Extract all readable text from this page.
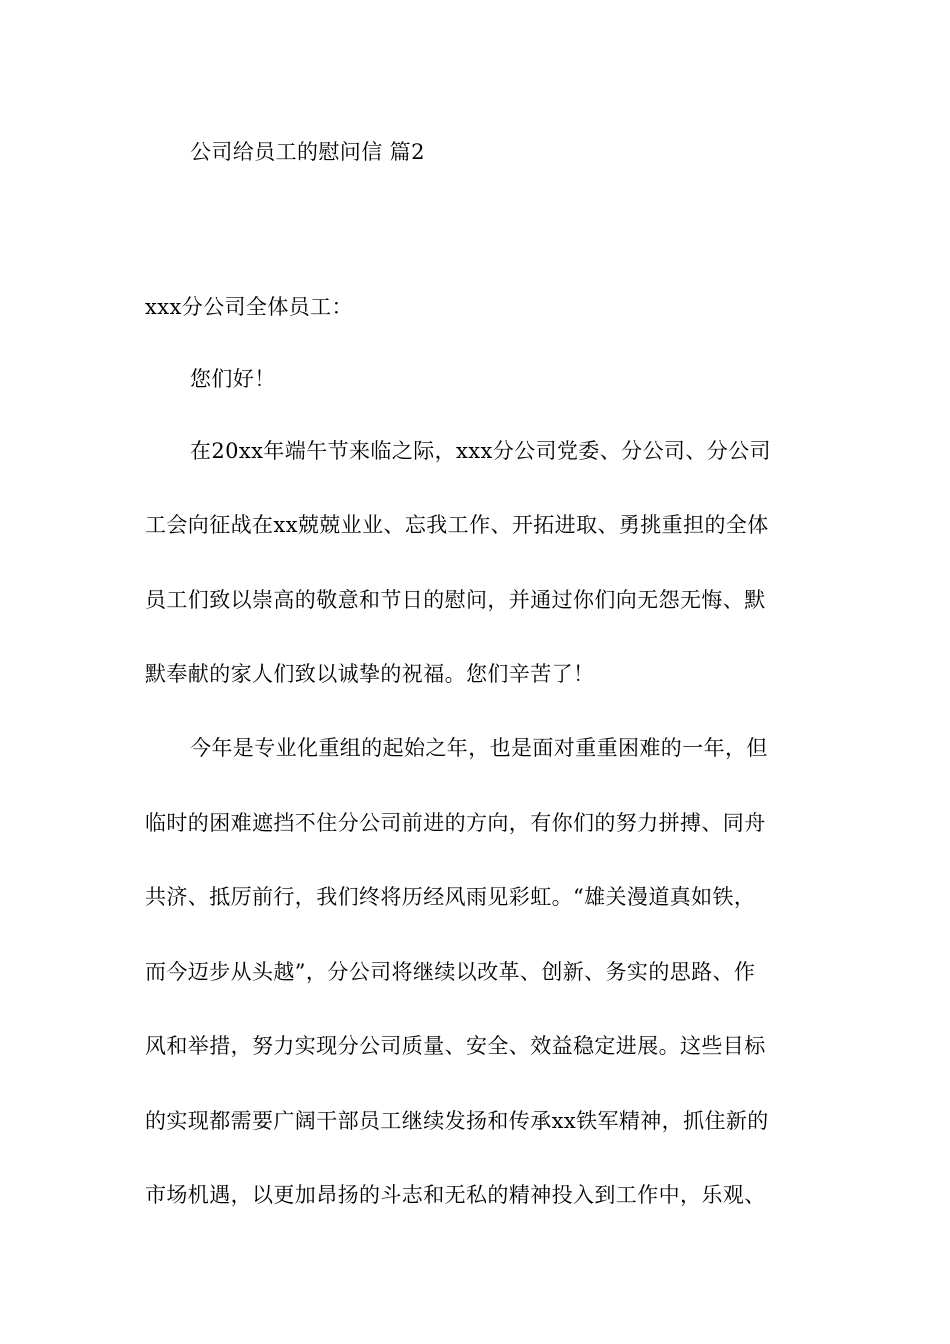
公司给员工的慰问信 篇2
xxx分公司全体员工：
您们好！
在20xx年端午节来临之际，xxx分公司党委、分公司、分公司
工会向征战在xx兢兢业业、忘我工作、开拓进取、勇挑重担的全体
员工们致以崇高的敬意和节日的慰问，并通过你们向无怨无悔、默
默奉献的家人们致以诚挚的祝福。您们辛苦了！
今年是专业化重组的起始之年，也是面对重重困难的一年，但
临时的困难遮挡不住分公司前进的方向，有你们的努力拼搏、同舟
共济、抵厉前行，我们终将历经风雨见彩虹。“雄关漫道真如铁，
而今迈步从头越”，分公司将继续以改革、创新、务实的思路、作
风和举措，努力实现分公司质量、安全、效益稳定进展。这些目标
的实现都需要广阔干部员工继续发扬和传承xx铁军精神，抓住新的
市场机遇，以更加昂扬的斗志和无私的精神投入到工作中，乐观、
